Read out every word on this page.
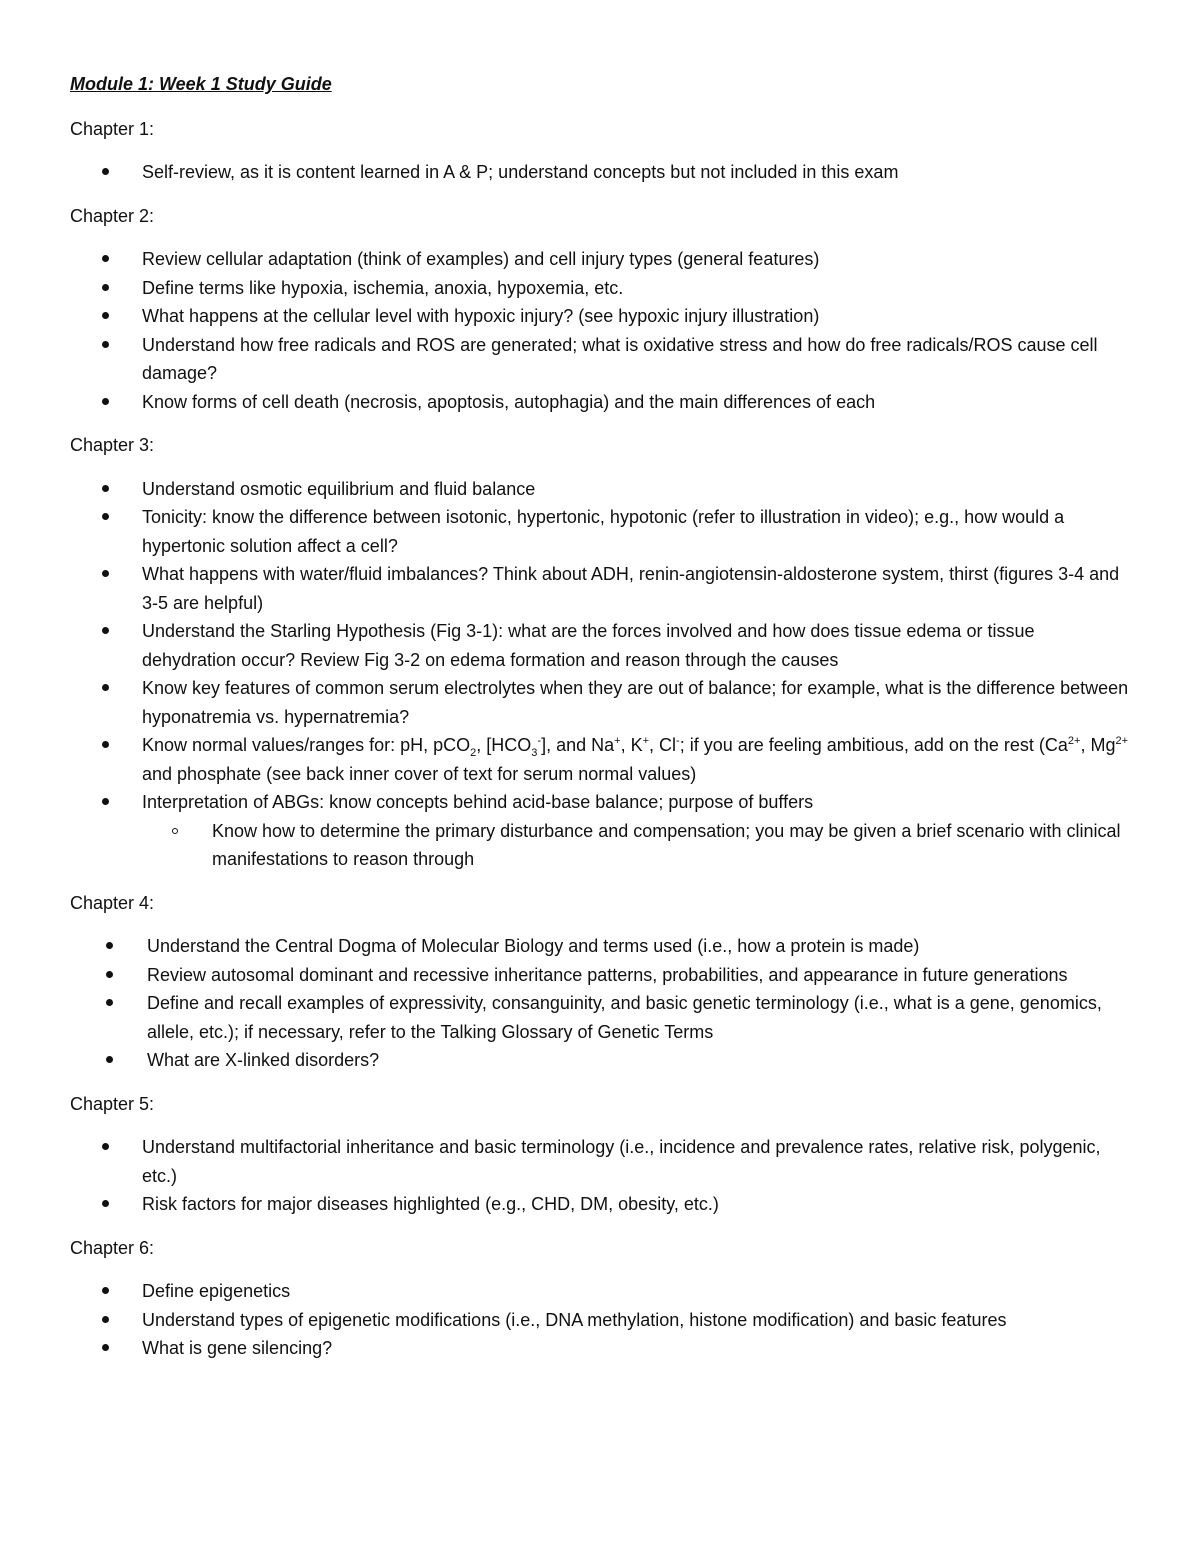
Module 1: Week 1 Study Guide
Chapter 1:
Self-review, as it is content learned in A & P; understand concepts but not included in this exam
Chapter 2:
Review cellular adaptation (think of examples) and cell injury types (general features)
Define terms like hypoxia, ischemia, anoxia, hypoxemia, etc.
What happens at the cellular level with hypoxic injury? (see hypoxic injury illustration)
Understand how free radicals and ROS are generated; what is oxidative stress and how do free radicals/ROS cause cell damage?
Know forms of cell death (necrosis, apoptosis, autophagia) and the main differences of each
Chapter 3:
Understand osmotic equilibrium and fluid balance
Tonicity: know the difference between isotonic, hypertonic, hypotonic (refer to illustration in video); e.g., how would a hypertonic solution affect a cell?
What happens with water/fluid imbalances? Think about ADH, renin-angiotensin-aldosterone system, thirst (figures 3-4 and 3-5 are helpful)
Understand the Starling Hypothesis (Fig 3-1): what are the forces involved and how does tissue edema or tissue dehydration occur? Review Fig 3-2 on edema formation and reason through the causes
Know key features of common serum electrolytes when they are out of balance; for example, what is the difference between hyponatremia vs. hypernatremia?
Know normal values/ranges for: pH, pCO$_2$, $[HCO_3^-]$, and Na+, K+, Cl-; if you are feeling ambitious, add on the rest ($Ca^{2+}$, $Mg^{2+}$ and phosphate (see back inner cover of text for serum normal values)
Interpretation of ABGs: know concepts behind acid-base balance; purpose of buffers
Know how to determine the primary disturbance and compensation; you may be given a brief scenario with clinical manifestations to reason through
Chapter 4:
Understand the Central Dogma of Molecular Biology and terms used (i.e., how a protein is made)
Review autosomal dominant and recessive inheritance patterns, probabilities, and appearance in future generations
Define and recall examples of expressivity, consanguinity, and basic genetic terminology (i.e., what is a gene, genomics, allele, etc.); if necessary, refer to the Talking Glossary of Genetic Terms
What are X-linked disorders?
Chapter 5:
Understand multifactorial inheritance and basic terminology (i.e., incidence and prevalence rates, relative risk, polygenic, etc.)
Risk factors for major diseases highlighted (e.g., CHD, DM, obesity, etc.)
Chapter 6:
Define epigenetics
Understand types of epigenetic modifications (i.e., DNA methylation, histone modification) and basic features
What is gene silencing?
